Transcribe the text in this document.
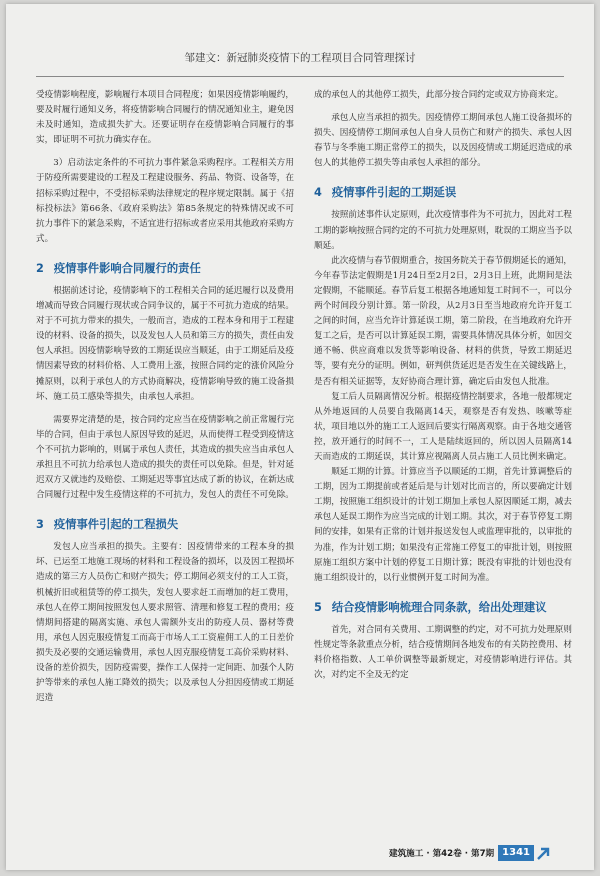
邹建文：新冠肺炎疫情下的工程项目合同管理探讨

受疫情影响程度，影响履行本项目合同程度；如果因疫情影响履约，要及时履行通知义务，将疫情影响合同履行的情况通知业主，避免因未及时通知，造成损失扩大。还要证明存在疫情影响合同履行的事实，即证明不可抗力确实存在。

3）启动法定条件的不可抗力事件紧急采购程序。工程相关方用于防疫所需要建设的工程及工程建设服务、药品、物资、设备等，在招标采购过程中，不受招标采购法律规定的程序规定限制。属于《招标投标法》第66条、《政府采购法》第85条规定的特殊情况或不可抗力事件下的紧急采购，不适宜进行招标或者应采用其他政府采购方式。

2 疫情事件影响合同履行的责任

根据前述讨论，疫情影响下的工程相关合同的延迟履行以及费用增减而导致合同履行现状或合同争议的，属于不可抗力造成的结果。对于不可抗力带来的损失，一般而言，造成的工程本身和用于工程建设的材料、设备的损失，以及发包人人员和第三方的损失，责任由发包人承担。因疫情影响导致的工期延误应当顺延，由于工期延后及疫情因素导致的材料价格、人工费用上涨，按照合同约定的涨价风险分摊原则，以利于承包人的方式协商解决，疫情影响导致的施工设备损坏、施工员工感染等损失，由承包人承担。

需要界定清楚的是，按合同约定应当在疫情影响之前正常履行完毕的合同，但由于承包人原因导致的延迟，从而使得工程受到疫情这个不可抗力影响的，则属于承包人责任，其造成的损失应当由承包人承担且不可抗力给承包人造成的损失的责任可以免除。但是，针对延迟双方又就违约及赔偿、工期延迟等事宜达成了新的协议，在新达成合同履行过程中发生疫情这样的不可抗力，发包人的责任不可免除。

3 疫情事件引起的工程损失

发包人应当承担的损失。主要有：因疫情带来的工程本身的损坏、已运至工地施工现场的材料和工程设备的损坏，以及因工程损坏造成的第三方人员伤亡和财产损失；停工期间必须支付的工人工资，机械折旧或租赁等的停工损失，发包人要求赶工而增加的赶工费用，承包人在停工期间按照发包人要求照管、清理和修复工程的费用；疫情期间搭建的隔离实施、承包人需额外支出的防疫人员、器材等费用，承包人因克服疫情复工而高于市场人工工资雇佣工人的工日差价损失及必要的交通运输费用，承包人因克服疫情复工高价采购材料、设备的差价损失，因防疫需要，操作工人保持一定间距、加强个人防护等带来的承包人施工降效的损失；以及承包人分担因疫情或工期延迟造

成的承包人的其他停工损失，此部分按合同约定或双方协商来定。

承包人应当承担的损失。因疫情停工期间承包人施工设备损坏的损失、因疫情停工期间承包人自身人员伤亡和财产的损失、承包人因春节与冬季施工期正常停工的损失，以及因疫情或工期延迟造成的承包人的其他停工损失等由承包人承担的部分。

4 疫情事件引起的工期延误

按照前述事件认定原则，此次疫情事件为不可抗力，因此对工程工期的影响按照合同约定的不可抗力处理原则，耽误的工期应当予以顺延。

此次疫情与春节假期重合，按国务院关于春节假期延长的通知，今年春节法定假期是1月24日至2月2日，2月3日上班，此期间是法定假期，不能顺延。春节后复工根据各地通知复工时间不一，可以分两个时间段分别计算。第一阶段，从2月3日至当地政府允许开复工之间的时间，应当允许计算延误工期，第二阶段，在当地政府允许开复工之后，是否可以计算延误工期，需要具体情况具体分析，如因交通不畅、供应商难以发货等影响设备、材料的供货，导致工期延迟等，要有充分的证明。例如，研判供货延迟是否发生在关键线路上，是否有相关证据等，友好协商合理计算，确定后由发包人批准。

复工后人员隔离情况分析。根据疫情控制要求，各地一般都规定从外地返回的人员要自我隔离14天，观察是否有发热、咳嗽等症状，项目地以外的施工工人返回后要实行隔离观察。由于各地交通管控，放开通行的时间不一，工人是陆续返回的，所以因人员隔离14天而造成的工期延误，其计算应视隔离人员占施工人员比例来确定。

顺延工期的计算。计算应当予以顺延的工期，首先计算调整后的工期，因为工期提前或者延后是与计划对比而言的，所以要确定计划工期，按照施工组织设计的计划工期加上承包人原因顺延工期，减去承包人延误工期作为应当完成的计划工期。其次，对于春节停复工期间的安排，如果有正常的计划并报送发包人或监理审批的，以审批的为准，作为计划工期；如果没有正常施工停复工的审批计划，则按照原施工组织方案中计划的停复工日期计算；既没有审批的计划也没有施工组织设计的，以行业惯例开复工时间为准。

5 结合疫情影响梳理合同条款，给出处理建议

首先，对合同有关费用、工期调整的约定，对不可抗力处理原则性规定等条款重点分析，结合疫情期间各地发布的有关防控费用、材料价格指数、人工单价调整等最新规定，对疫情影响进行评估。其次，对约定不全及无约定

建筑施工 · 第42卷 · 第7期 1341
